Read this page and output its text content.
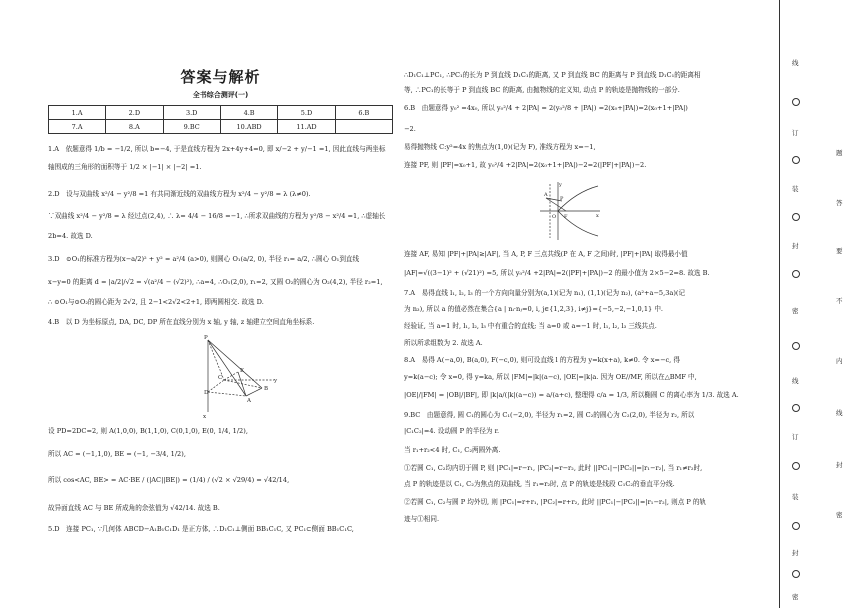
答案与解析
全书综合测评(一)
1.A	2.D	3.D	4.B	5.D	6.B
7.A	8.A	9.BC	10.ABD	11.AD	
1.A　依题意得 1/b = −1/2, 所以 b=−4, 于是直线方程为 2x+4y+4=0, 即 x/−2 + y/−1 =1, 因此直线与两坐标
轴围成的三角形的面积等于 1/2 × |−1| × |−2| =1.
2.D　设与双曲线 x²/4 − y²/8 =1 有共同渐近线的双曲线方程为 x²/4 − y²/8 = λ (λ≠0).
∵双曲线 x²/4 − y²/8 = λ 经过点(2,4), ∴ λ= 4/4 − 16/8 =−1, ∴所求双曲线的方程为 y²/8 − x²/4 =1, ∴虚轴长
2b=4. 故选 D.
3.D　⊙O₁的标准方程为(x−a/2)² + y² = a²/4 (a>0), 则圆心 O₁(a/2, 0), 半径 r₁= a/2, ∴圆心 O₁到直线
x−y=0 的距离 d = |a/2|/√2 = √(a²/4 − (√2)²), ∴a=4, ∴O₁(2,0), r₁=2, 又圆 O₂的圆心为 O₂(4,2), 半径 r₂=1,
∴ ⊙O₁与⊙O₂的圆心距为 2√2, 且 2−1<2√2<2+1, 即两圆相交. 故选 D.
4.B　以 D 为坐标原点, DA, DC, DP 所在直线分别为 x 轴, y 轴, z 轴建立空间直角坐标系.
设 PD=2DC=2, 则 A(1,0,0), B(1,1,0), C(0,1,0), E(0, 1/4, 1/2),
所以 AC = (−1,1,0), BE = (−1, −3/4, 1/2),
所以 cos<AC, BE> = AC·BE / (|AC||BE|) = (1/4) / (√2 × √29/4) = √42/14,
故异面直线 AC 与 BE 所成角的余弦值为 √42/14. 故选 B.
5.D　连接 PC₁, ∵几何体 ABCD−A₁B₁C₁D₁ 是正方体, ∴D₁C₁⊥侧面 BB₁C₁C, 又 PC₁⊂侧面 BB₁C₁C,
P
x
D
E
y
A
B
C
∴D₁C₁⊥PC₁, ∴PC₁的长为 P 到直线 D₁C₁的距离, 又 P 到直线 BC 的距离与 P 到直线 D₁C₁的距离相
等, ∴PC₁的长等于 P 到直线 BC 的距离, 由抛物线的定义知, 动点 P 的轨迹是抛物线的一部分.
6.B　由题意得 y₀² =4x₀, 所以 y₀²/4 + 2|PA| = 2(y₀²/8 + |PA|) =2(x₀+|PA|)=2(x₀+1+|PA|)
−2.
易得抛物线 C:y²=4x 的焦点为(1,0)(记为 F), 准线方程为 x=−1,
连接 PF, 则 |PF|=x₀+1, 故 y₀²/4 +2|PA|=2(x₀+1+|PA|)−2=2(|PF|+|PA|)−2.
连接 AF, 易知 |PF|+|PA|≥|AF|, 当 A, P, F 三点共线(P 在 A, F 之间)时, |PF|+|PA| 取得最小值
|AF|=√((3−1)² + (√21)²) =5, 所以 y₀²/4 +2|PA|=2(|PF|+|PA|)−2 的最小值为 2×5−2=8. 故选 B.
7.A　易得直线 l₁, l₂, l₃ 的一个方向向量分别为(a,1)(记为 n₁), (1,1)(记为 n₂), (a²+a−5,3a)(记
为 n₃), 所以 a 的值必然在集合{a | nᵢ·nⱼ=0, i, j∈{1,2,3}, i≠j}={−5,−2,−1,0,1} 中.
经验证, 当 a=1 时, l₁, l₂, l₃ 中有重合的直线; 当 a=0 或 a=−1 时, l₁, l₂, l₃ 三线共点.
所以所求组数为 2. 故选 A.
8.A　易得 A(−a,0), B(a,0), F(−c,0), 则可设直线 l 的方程为 y=k(x+a), k≠0. 令 x=−c, 得
y=k(a−c); 令 x=0, 得 y=ka, 所以 |FM|=|k|(a−c), |OE|=|k|a. 因为 OE//MF, 所以在△BMF 中,
|OE|/|FM| = |OB|/|BF|, 即 |k|a/(|k|(a−c)) = a/(a+c), 整理得 c/a = 1/3, 所以椭圆 C 的离心率为 1/3. 故选 A.
9.BC　由题意得, 圆 C₁的圆心为 C₁(−2,0), 半径为 r₁=2, 圆 C₂的圆心为 C₂(2,0), 半径为 r₂, 所以
|C₁C₂|=4. 设动圆 P 的半径为 r.
当 r₁+r₂<4 时, C₁, C₂两圆外离.
①若圆 C₁, C₂均内切于圆 P, 则 |PC₁|=r−r₁, |PC₂|=r−r₂, 此时 ||PC₁|−|PC₂||=|r₁−r₂|, 当 r₁≠r₂时,
点 P 的轨迹是以 C₁, C₂为焦点的双曲线, 当 r₁=r₂时, 点 P 的轨迹是线段 C₁C₂的垂直平分线.
②若圆 C₁, C₂与圆 P 均外切, 则 |PC₁|=r+r₁, |PC₂|=r+r₂, 此时 ||PC₁|−|PC₂||=|r₁−r₂|, 则点 P 的轨
迹与①相同.
A
P
F	x
y
O
线
订
装
封
密
线
订
装
封
密
题
答
要
不
内
线
封
密
